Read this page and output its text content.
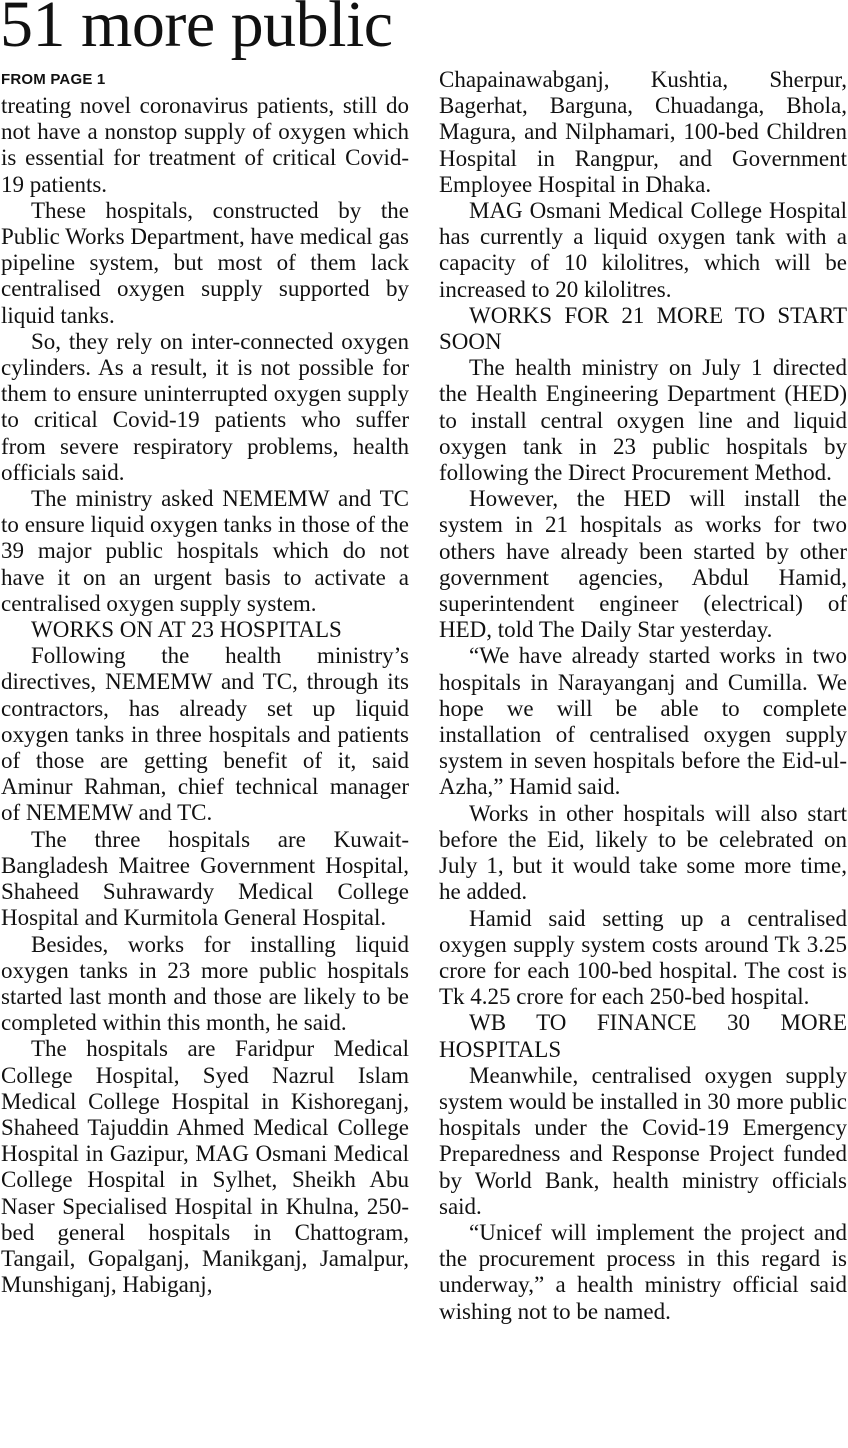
51 more public
FROM PAGE 1

treating novel coronavirus patients, still do not have a nonstop supply of oxygen which is essential for treatment of critical Covid-19 patients.

These hospitals, constructed by the Public Works Department, have medical gas pipeline system, but most of them lack centralised oxygen supply supported by liquid tanks.

So, they rely on inter-connected oxygen cylinders. As a result, it is not possible for them to ensure uninterrupted oxygen supply to critical Covid-19 patients who suffer from severe respiratory problems, health officials said.

The ministry asked NEMEMW and TC to ensure liquid oxygen tanks in those of the 39 major public hospitals which do not have it on an urgent basis to activate a centralised oxygen supply system.

WORKS ON AT 23 HOSPITALS

Following the health ministry’s directives, NEMEMW and TC, through its contractors, has already set up liquid oxygen tanks in three hospitals and patients of those are getting benefit of it, said Aminur Rahman, chief technical manager of NEMEMW and TC.

The three hospitals are Kuwait-Bangladesh Maitree Government Hospital, Shaheed Suhrawardy Medical College Hospital and Kurmitola General Hospital.

Besides, works for installing liquid oxygen tanks in 23 more public hospitals started last month and those are likely to be completed within this month, he said.

The hospitals are Faridpur Medical College Hospital, Syed Nazrul Islam Medical College Hospital in Kishoreganj, Shaheed Tajuddin Ahmed Medical College Hospital in Gazipur, MAG Osmani Medical College Hospital in Sylhet, Sheikh Abu Naser Specialised Hospital in Khulna, 250-bed general hospitals in Chattogram, Tangail, Gopalganj, Manikganj, Jamalpur, Munshiganj, Habiganj,

Chapainawabganj, Kushtia, Sherpur, Bagerhat, Barguna, Chuadanga, Bhola, Magura, and Nilphamari, 100-bed Children Hospital in Rangpur, and Government Employee Hospital in Dhaka.

MAG Osmani Medical College Hospital has currently a liquid oxygen tank with a capacity of 10 kilolitres, which will be increased to 20 kilolitres.

WORKS FOR 21 MORE TO START SOON

The health ministry on July 1 directed the Health Engineering Department (HED) to install central oxygen line and liquid oxygen tank in 23 public hospitals by following the Direct Procurement Method.

However, the HED will install the system in 21 hospitals as works for two others have already been started by other government agencies, Abdul Hamid, superintendent engineer (electrical) of HED, told The Daily Star yesterday.

“We have already started works in two hospitals in Narayanganj and Cumilla. We hope we will be able to complete installation of centralised oxygen supply system in seven hospitals before the Eid-ul-Azha,” Hamid said.

Works in other hospitals will also start before the Eid, likely to be celebrated on July 1, but it would take some more time, he added.

Hamid said setting up a centralised oxygen supply system costs around Tk 3.25 crore for each 100-bed hospital. The cost is Tk 4.25 crore for each 250-bed hospital.

WB TO FINANCE 30 MORE HOSPITALS

Meanwhile, centralised oxygen supply system would be installed in 30 more public hospitals under the Covid-19 Emergency Preparedness and Response Project funded by World Bank, health ministry officials said.

“Unicef will implement the project and the procurement process in this regard is underway,” a health ministry official said wishing not to be named.
